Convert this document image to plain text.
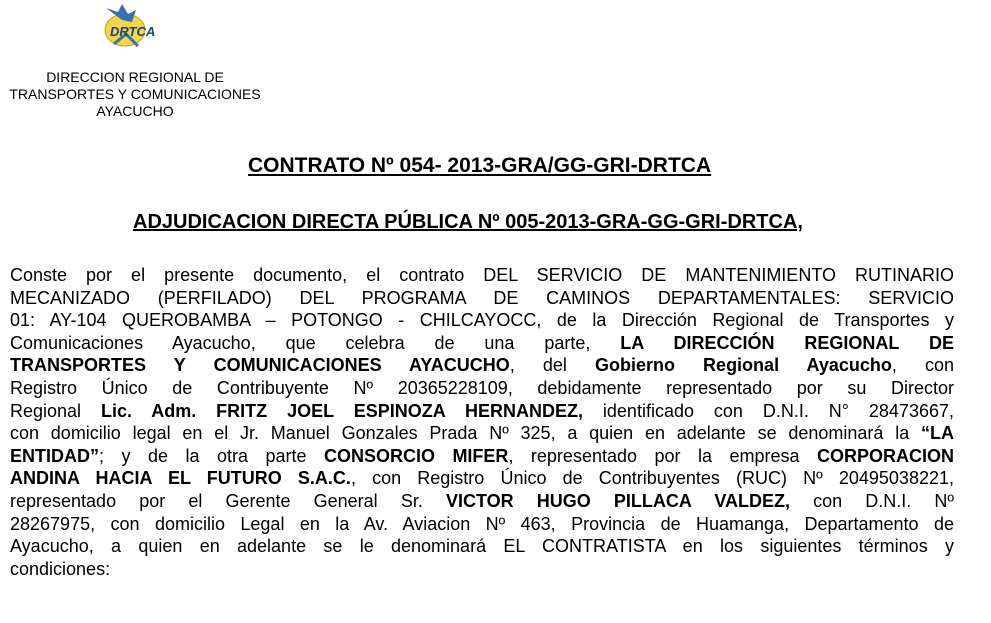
DRTCA
DIRECCION REGIONAL DE
TRANSPORTES Y COMUNICACIONES
AYACUCHO
CONTRATO Nº 054- 2013-GRA/GG-GRI-DRTCA
ADJUDICACION DIRECTA PÚBLICA Nº 005-2013-GRA-GG-GRI-DRTCA,
Conste por el presente documento, el contrato DEL SERVICIO DE MANTENIMIENTO RUTINARIO
MECANIZADO (PERFILADO) DEL PROGRAMA DE CAMINOS DEPARTAMENTALES: SERVICIO
01: AY-104 QUEROBAMBA – POTONGO - CHILCAYOCC, de la Dirección Regional de Transportes y
Comunicaciones Ayacucho, que celebra de una parte, LA DIRECCIÓN REGIONAL DE
TRANSPORTES Y COMUNICACIONES AYACUCHO, del Gobierno Regional Ayacucho, con
Registro Único de Contribuyente Nº 20365228109, debidamente representado por su Director
Regional Lic. Adm. FRITZ JOEL ESPINOZA HERNANDEZ, identificado con D.N.I. N° 28473667,
con domicilio legal en el Jr. Manuel Gonzales Prada Nº 325, a quien en adelante se denominará la “LA
ENTIDAD”; y de la otra parte CONSORCIO MIFER, representado por la empresa CORPORACION
ANDINA HACIA EL FUTURO S.A.C., con Registro Único de Contribuyentes (RUC) Nº 20495038221,
representado por el Gerente General Sr. VICTOR HUGO PILLACA VALDEZ, con D.N.I. Nº
28267975, con domicilio Legal en la Av. Aviacion Nº 463, Provincia de Huamanga, Departamento de
Ayacucho, a quien en adelante se le denominará EL CONTRATISTA en los siguientes términos y
condiciones:
